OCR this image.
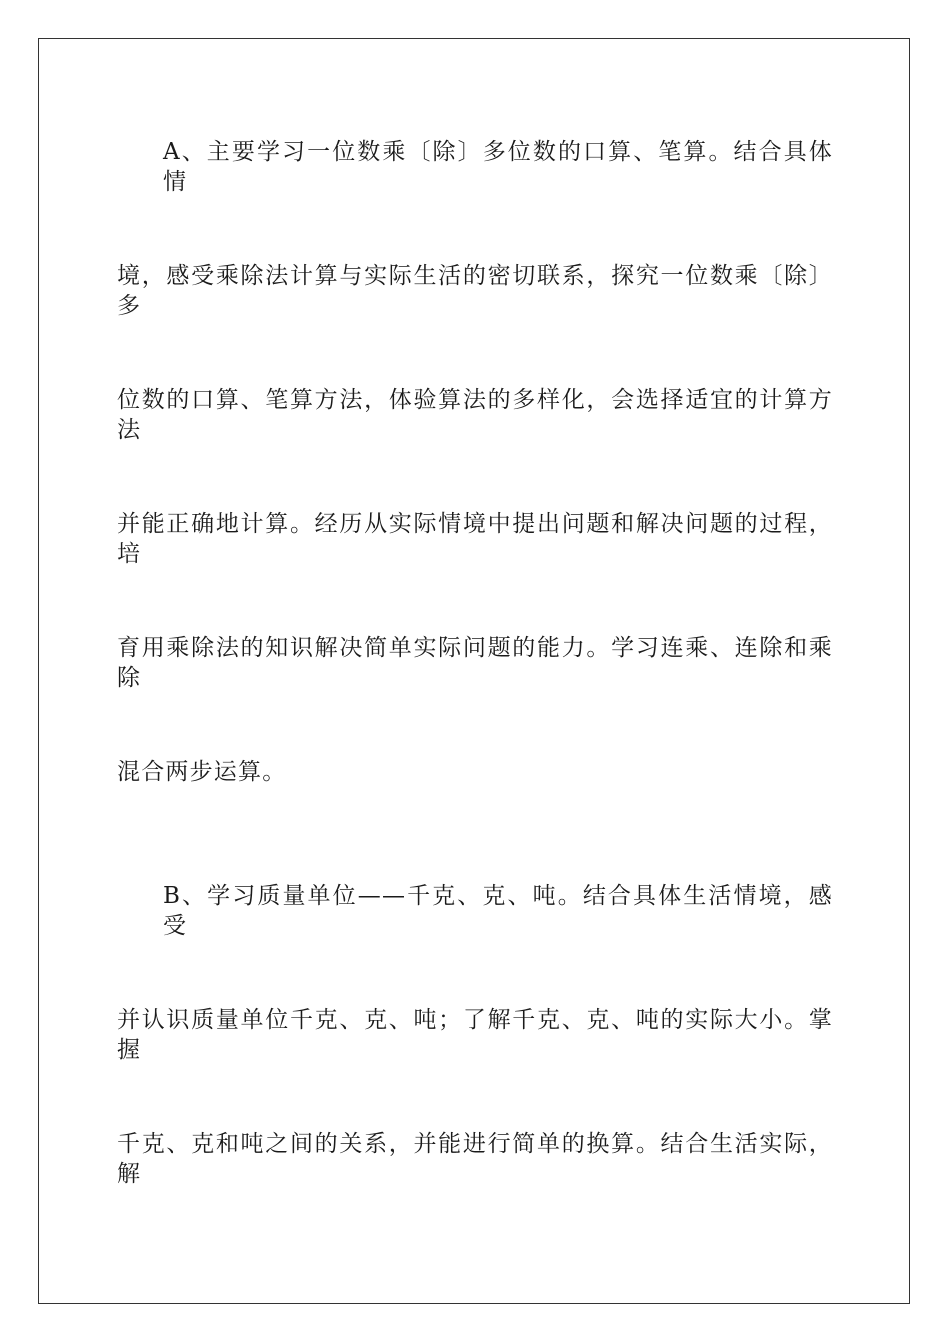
A、主要学习一位数乘〔除〕多位数的口算、笔算。结合具体情
境，感受乘除法计算与实际生活的密切联系，探究一位数乘〔除〕多
位数的口算、笔算方法，体验算法的多样化，会选择适宜的计算方法
并能正确地计算。经历从实际情境中提出问题和解决问题的过程，培
育用乘除法的知识解决简单实际问题的能力。学习连乘、连除和乘除
混合两步运算。
B、学习质量单位——千克、克、吨。结合具体生活情境，感受
并认识质量单位千克、克、吨；了解千克、克、吨的实际大小。掌握
千克、克和吨之间的关系，并能进行简单的换算。结合生活实际，解
